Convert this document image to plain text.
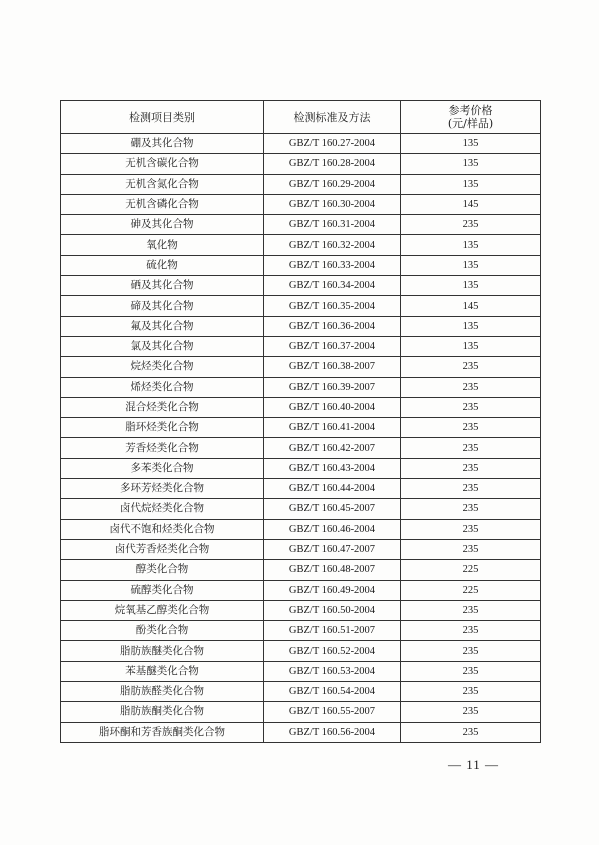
检测项目类别	检测标准及方法	参考价格
(元/样品)

硼及其化合物	GBZ/T 160.27-2004	135
无机含碳化合物	GBZ/T 160.28-2004	135
无机含氮化合物	GBZ/T 160.29-2004	135
无机含磷化合物	GBZ/T 160.30-2004	145
砷及其化合物	GBZ/T 160.31-2004	235
氧化物	GBZ/T 160.32-2004	135
硫化物	GBZ/T 160.33-2004	135
硒及其化合物	GBZ/T 160.34-2004	135
碲及其化合物	GBZ/T 160.35-2004	145
氟及其化合物	GBZ/T 160.36-2004	135
氯及其化合物	GBZ/T 160.37-2004	135
烷烃类化合物	GBZ/T 160.38-2007	235
烯烃类化合物	GBZ/T 160.39-2007	235
混合烃类化合物	GBZ/T 160.40-2004	235
脂环烃类化合物	GBZ/T 160.41-2004	235
芳香烃类化合物	GBZ/T 160.42-2007	235
多苯类化合物	GBZ/T 160.43-2004	235
多环芳烃类化合物	GBZ/T 160.44-2004	235
卤代烷烃类化合物	GBZ/T 160.45-2007	235
卤代不饱和烃类化合物	GBZ/T 160.46-2004	235
卤代芳香烃类化合物	GBZ/T 160.47-2007	235
醇类化合物	GBZ/T 160.48-2007	225
硫醇类化合物	GBZ/T 160.49-2004	225
烷氧基乙醇类化合物	GBZ/T 160.50-2004	235
酚类化合物	GBZ/T 160.51-2007	235
脂肪族醚类化合物	GBZ/T 160.52-2004	235
苯基醚类化合物	GBZ/T 160.53-2004	235
脂肪族醛类化合物	GBZ/T 160.54-2004	235
脂肪族酮类化合物	GBZ/T 160.55-2007	235
脂环酮和芳香族酮类化合物	GBZ/T 160.56-2004	235
— 11 —
